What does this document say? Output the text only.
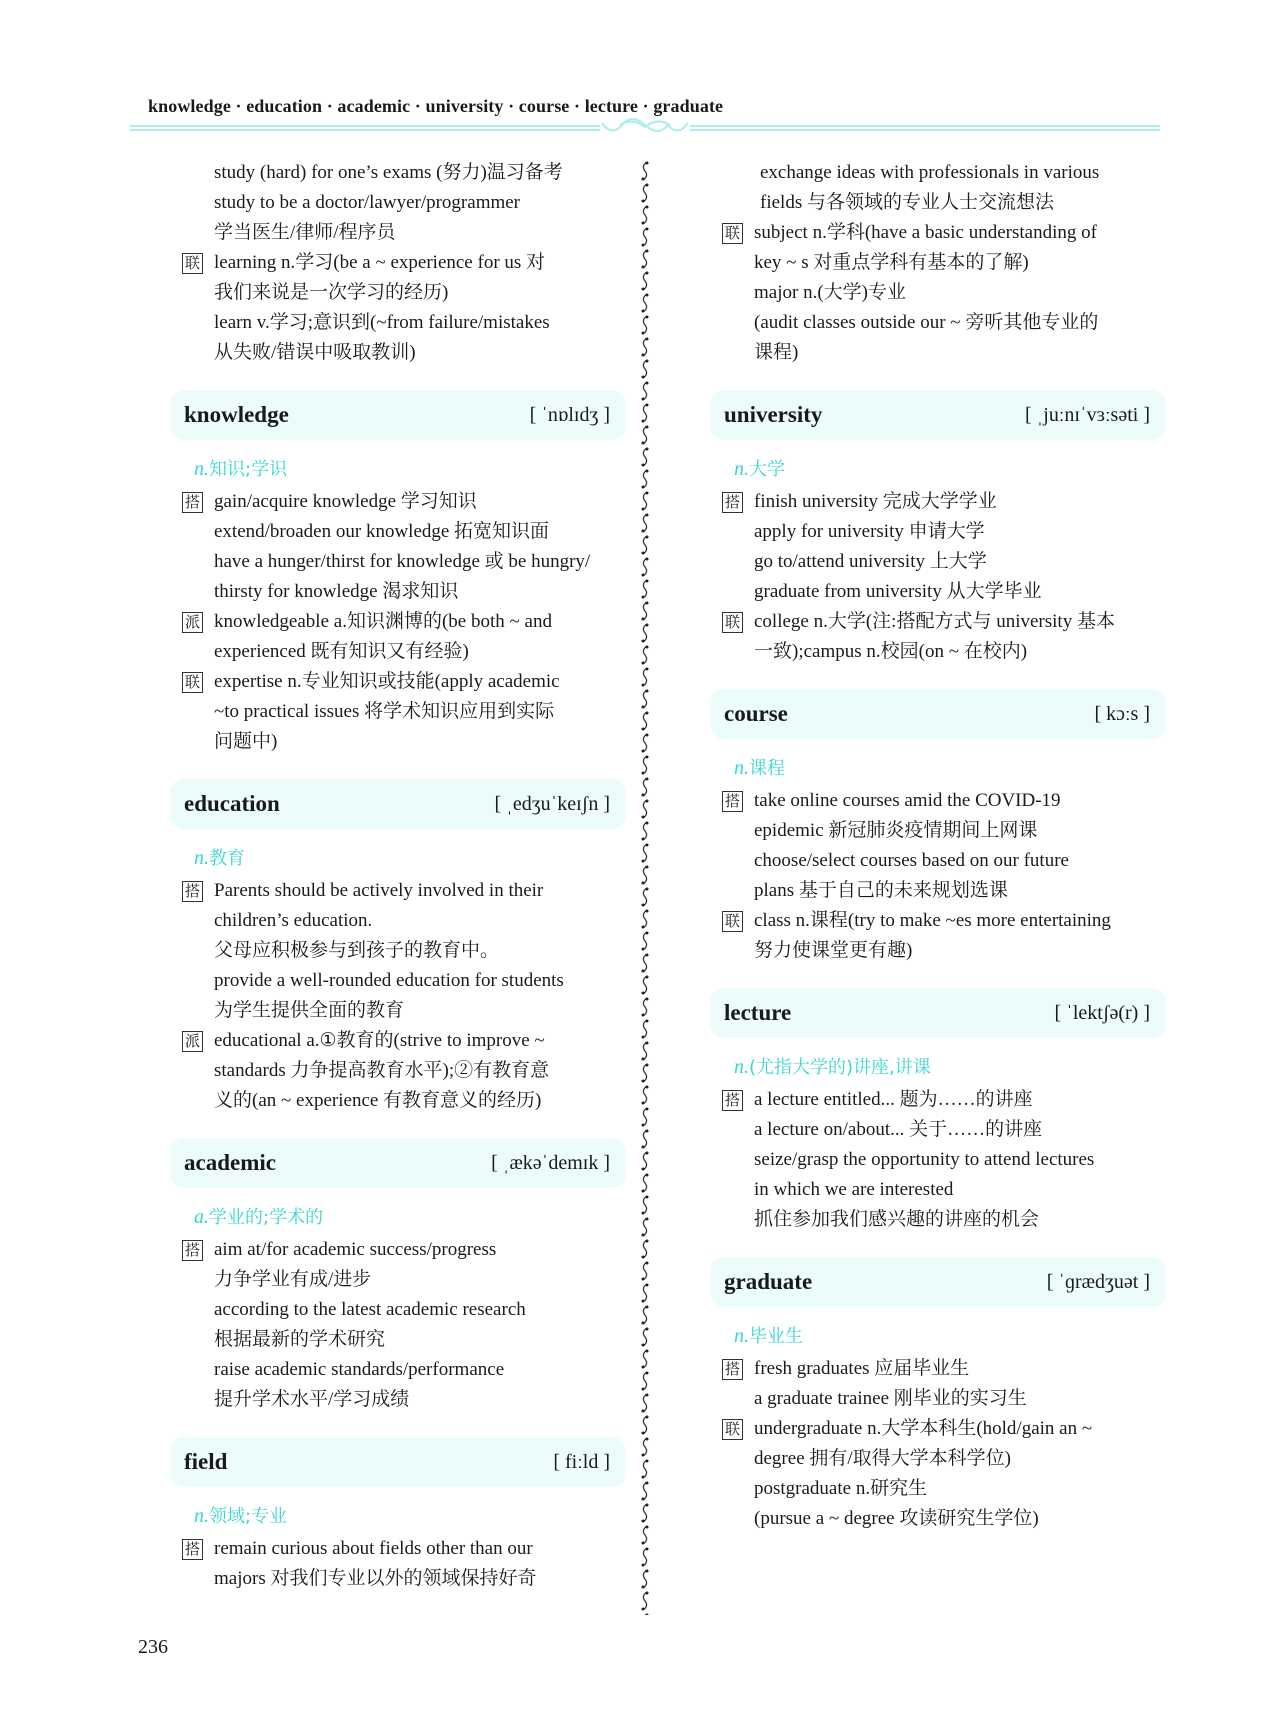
knowledge · education · academic · university · course · lecture · graduate
study (hard) for one’s exams (努力)温习备考
study to be a doctor/lawyer/programmer
学当医生/律师/程序员
联 learning n.学习(be a ~ experience for us 对
我们来说是一次学习的经历)
learn v.学习;意识到(~from failure/mistakes
从失败/错误中吸取教训)
knowledge	[ ˈnɒlɪdʒ ]
n.知识;学识
搭 gain/acquire knowledge 学习知识
extend/broaden our knowledge 拓宽知识面
have a hunger/thirst for knowledge 或 be hungry/
thirsty for knowledge 渴求知识
派 knowledgeable a.知识渊博的(be both ~ and
experienced 既有知识又有经验)
联 expertise n.专业知识或技能(apply academic
~to practical issues 将学术知识应用到实际
问题中)
education	[ ˌedʒuˈkeɪʃn ]
n.教育
搭 Parents should be actively involved in their
children’s education.
父母应积极参与到孩子的教育中。
provide a well-rounded education for students
为学生提供全面的教育
派 educational a.①教育的(strive to improve ~
standards 力争提高教育水平);②有教育意
义的(an ~ experience 有教育意义的经历)
academic	[ ˌækəˈdemɪk ]
a.学业的;学术的
搭 aim at/for academic success/progress
力争学业有成/进步
according to the latest academic research
根据最新的学术研究
raise academic standards/performance
提升学术水平/学习成绩
field	[ fiːld ]
n.领域;专业
搭 remain curious about fields other than our
majors 对我们专业以外的领域保持好奇
exchange ideas with professionals in various
fields 与各领域的专业人士交流想法
联 subject n.学科(have a basic understanding of
key ~ s 对重点学科有基本的了解)
major n.(大学)专业
(audit classes outside our ~ 旁听其他专业的
课程)
university	[ ˌjuːnɪˈvɜːsəti ]
n.大学
搭 finish university 完成大学学业
apply for university 申请大学
go to/attend university 上大学
graduate from university 从大学毕业
联 college n.大学(注:搭配方式与 university 基本
一致);campus n.校园(on ~ 在校内)
course	[ kɔːs ]
n.课程
搭 take online courses amid the COVID-19
epidemic 新冠肺炎疫情期间上网课
choose/select courses based on our future
plans 基于自己的未来规划选课
联 class n.课程(try to make ~es more entertaining
努力使课堂更有趣)
lecture	[ ˈlektʃə(r) ]
n.(尤指大学的)讲座,讲课
搭 a lecture entitled... 题为……的讲座
a lecture on/about... 关于……的讲座
seize/grasp the opportunity to attend lectures
in which we are interested
抓住参加我们感兴趣的讲座的机会
graduate	[ ˈɡrædʒuət ]
n.毕业生
搭 fresh graduates 应届毕业生
a graduate trainee 刚毕业的实习生
联 undergraduate n.大学本科生(hold/gain an ~
degree 拥有/取得大学本科学位)
postgraduate n.研究生
(pursue a ~ degree 攻读研究生学位)
236
